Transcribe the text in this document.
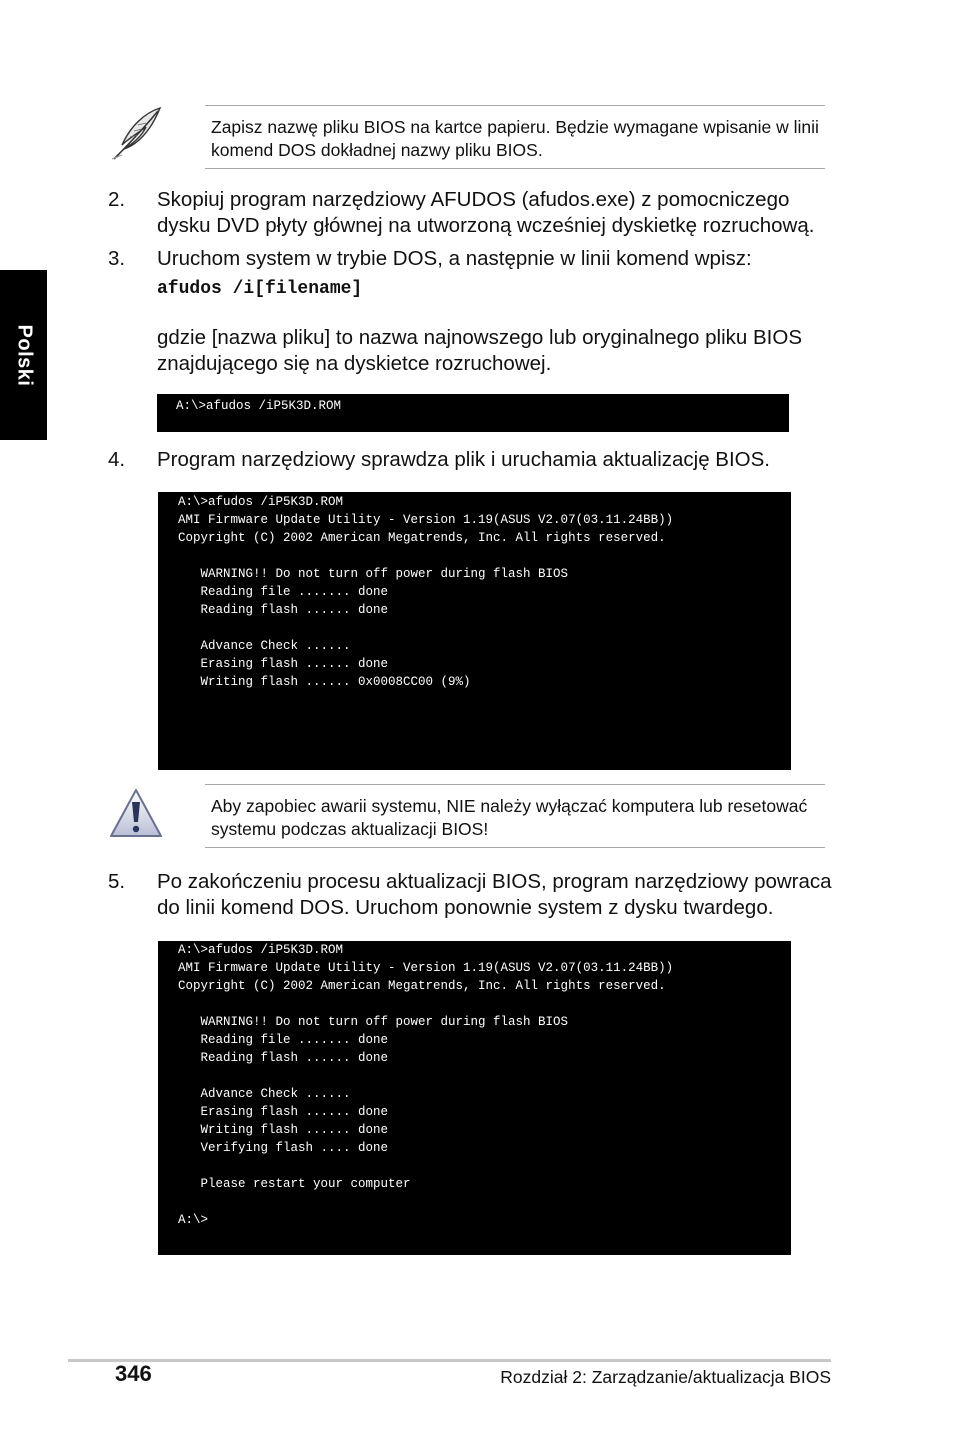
Polski
Zapisz nazwę pliku BIOS na kartce papieru. Będzie wymagane wpisanie w linii komend DOS dokładnej nazwy pliku BIOS.
2. Skopiuj program narzędziowy AFUDOS (afudos.exe) z pomocniczego dysku DVD płyty głównej na utworzoną wcześniej dyskietkę rozruchową.
3. Uruchom system w trybie DOS, a następnie w linii komend wpisz:
afudos /i[filename]
gdzie [nazwa pliku] to nazwa najnowszego lub oryginalnego pliku BIOS znajdującego się na dyskietce rozruchowej.
A:\>afudos /iP5K3D.ROM
4. Program narzędziowy sprawdza plik i uruchamia aktualizację BIOS.
A:\>afudos /iP5K3D.ROM
AMI Firmware Update Utility - Version 1.19(ASUS V2.07(03.11.24BB))
Copyright (C) 2002 American Megatrends, Inc. All rights reserved.
WARNING!! Do not turn off power during flash BIOS
Reading file ....... done
Reading flash ...... done
Advance Check ......
Erasing flash ...... done
Writing flash ...... 0x0008CC00 (9%)
Aby zapobiec awarii systemu, NIE należy wyłączać komputera lub resetować systemu podczas aktualizacji BIOS!
5. Po zakończeniu procesu aktualizacji BIOS, program narzędziowy powraca do linii komend DOS. Uruchom ponownie system z dysku twardego.
A:\>afudos /iP5K3D.ROM
AMI Firmware Update Utility - Version 1.19(ASUS V2.07(03.11.24BB))
Copyright (C) 2002 American Megatrends, Inc. All rights reserved.
WARNING!! Do not turn off power during flash BIOS
Reading file ....... done
Reading flash ...... done
Advance Check ......
Erasing flash ...... done
Writing flash ...... done
Verifying flash .... done
Please restart your computer
A:\>
346	Rozdział 2: Zarządzanie/aktualizacja BIOS
